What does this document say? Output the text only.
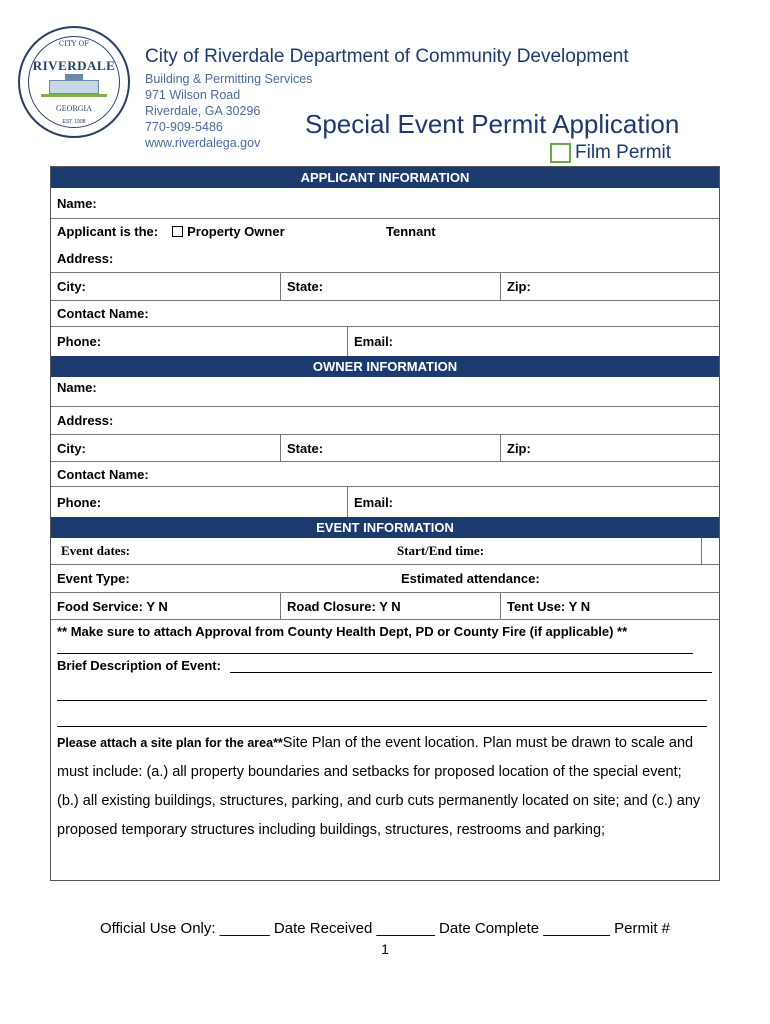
CITY OF
RIVERDALE
GEORGIA
EST. 1908
City of Riverdale Department of Community Development
Building & Permitting Services
971 Wilson Road
Riverdale, GA 30296
770-909-5486
www.riverdalega.gov
Special Event Permit Application
Film Permit
APPLICANT INFORMATION
Name:
Applicant is the: Property Owner	Tennant
Address:
City:	State:	Zip:
Contact Name:
Phone:	Email:
OWNER INFORMATION
Name:
Address:
City:	State:	Zip:
Contact Name:
Phone:	Email:
EVENT INFORMATION
Event dates:	Start/End time:
Event Type:	Estimated attendance:
Food Service: Y N	Road Closure: Y N	Tent Use: Y N
** Make sure to attach Approval from County Health Dept, PD or County Fire (if applicable) **
Brief Description of Event:
Please attach a site plan for the area**Site Plan of the event location. Plan must be drawn to scale and must include: (a.) all property boundaries and setbacks for proposed location of the special event; (b.) all existing buildings, structures, parking, and curb cuts permanently located on site; and (c.) any proposed temporary structures including buildings, structures, restrooms and parking;
Official Use Only: ______ Date Received _______ Date Complete ________ Permit #
1
